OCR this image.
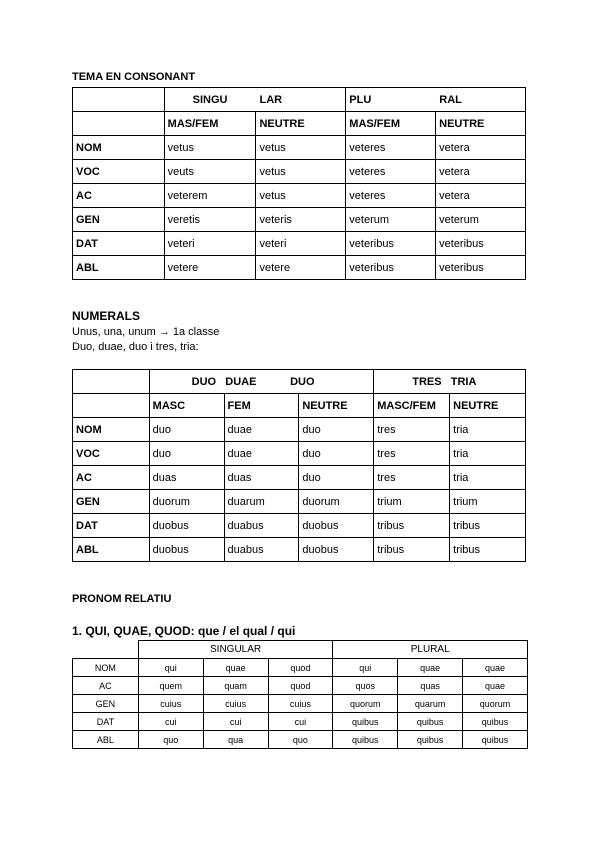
TEMA EN CONSONANT
	SINGU LAR		PLU RAL	
	MAS/FEM	NEUTRE	MAS/FEM	NEUTRE
NOM	vetus	vetus	veteres	vetera
VOC	veuts	vetus	veteres	vetera
AC	veterem	vetus	veteres	vetera
GEN	veretis	veteris	veterum	veterum
DAT	veteri	veteri	veteribus	veteribus
ABL	vetere	vetere	veteribus	veteribus
NUMERALS
Unus, una, unum → 1a classe
Duo, duae, duo i tres, tria:
	DUO   DUAE           DUO			TRES   TRIA	
	MASC	FEM	NEUTRE	MASC/FEM	NEUTRE
NOM	duo	duae	duo	tres	tria
VOC	duo	duae	duo	tres	tria
AC	duas	duas	duo	tres	tria
GEN	duorum	duarum	duorum	trium	trium
DAT	duobus	duabus	duobus	tribus	tribus
ABL	duobus	duabus	duobus	tribus	tribus
PRONOM RELATIU
1. QUI, QUAE, QUOD: que / el qual / qui
	SINGULAR			PLURAL		
NOM	qui	quae	quod	qui	quae	quae
AC	quem	quam	quod	quos	quas	quae
GEN	cuius	cuius	cuius	quorum	quarum	quorum
DAT	cui	cui	cui	quibus	quibus	quibus
ABL	quo	qua	quo	quibus	quibus	quibus
